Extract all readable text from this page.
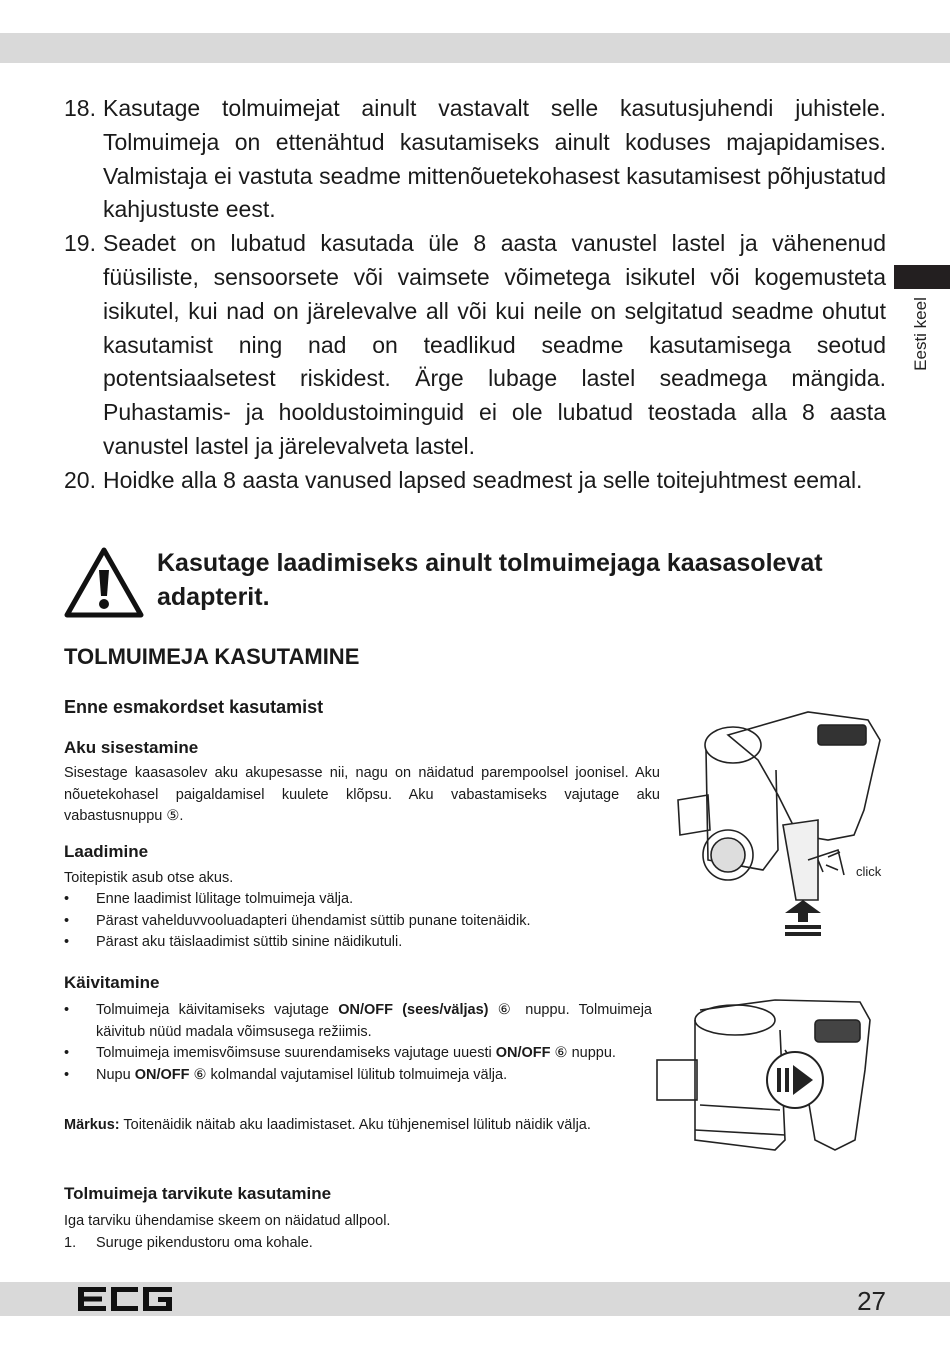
Eesti keel
18. Kasutage tolmuimejat ainult vastavalt selle kasutusjuhendi juhistele. Tolmuimeja on ettenähtud kasutamiseks ainult koduses majapidamises. Valmistaja ei vastuta seadme mittenõuetekohasest kasutamisest põhjustatud kahjustuste eest.
19. Seadet on lubatud kasutada üle 8 aasta vanustel lastel ja vähenenud füüsiliste, sensoorsete või vaimsete võimetega isikutel või kogemusteta isikutel, kui nad on järelevalve all või kui neile on selgitatud seadme ohutut kasutamist ning nad on teadlikud seadme kasutamisega seotud potentsiaalsetest riskidest. Ärge lubage lastel seadmega mängida. Puhastamis- ja hooldustoiminguid ei ole lubatud teostada alla 8 aasta vanustel lastel ja järelevalveta lastel.
20. Hoidke alla 8 aasta vanused lapsed seadmest ja selle toitejuhtmest eemal.
Kasutage laadimiseks ainult tolmuimejaga kaasasolevat adapterit.
TOLMUIMEJA KASUTAMINE
Enne esmakordset kasutamist
Aku sisestamine
Sisestage kaasasolev aku akupesasse nii, nagu on näidatud parempoolsel joonisel. Aku nõuetekohasel paigaldamisel kuulete klõpsu. Aku vabastamiseks vajutage aku vabastusnuppu ⑤.
Laadimine
Toitepistik asub otse akus.
• Enne laadimist lülitage tolmuimeja välja.
• Pärast vahelduvvooluadapteri ühendamist süttib punane toitenäidik.
• Pärast aku täislaadimist süttib sinine näidikutuli.
Käivitamine
• Tolmuimeja käivitamiseks vajutage ON/OFF (sees/väljas) ⑥ nuppu. Tolmuimeja käivitub nüüd madala võimsusega režiimis.
• Tolmuimeja imemisvõimsuse suurendamiseks vajutage uuesti ON/OFF ⑥ nuppu.
• Nupu ON/OFF ⑥ kolmandal vajutamisel lülitub tolmuimeja välja.
Märkus: Toitenäidik näitab aku laadimistaset. Aku tühjenemisel lülitub näidik välja.
Tolmuimeja tarvikute kasutamine
Iga tarviku ühendamise skeem on näidatud allpool.
1. Suruge pikendustoru oma kohale.
click
27
